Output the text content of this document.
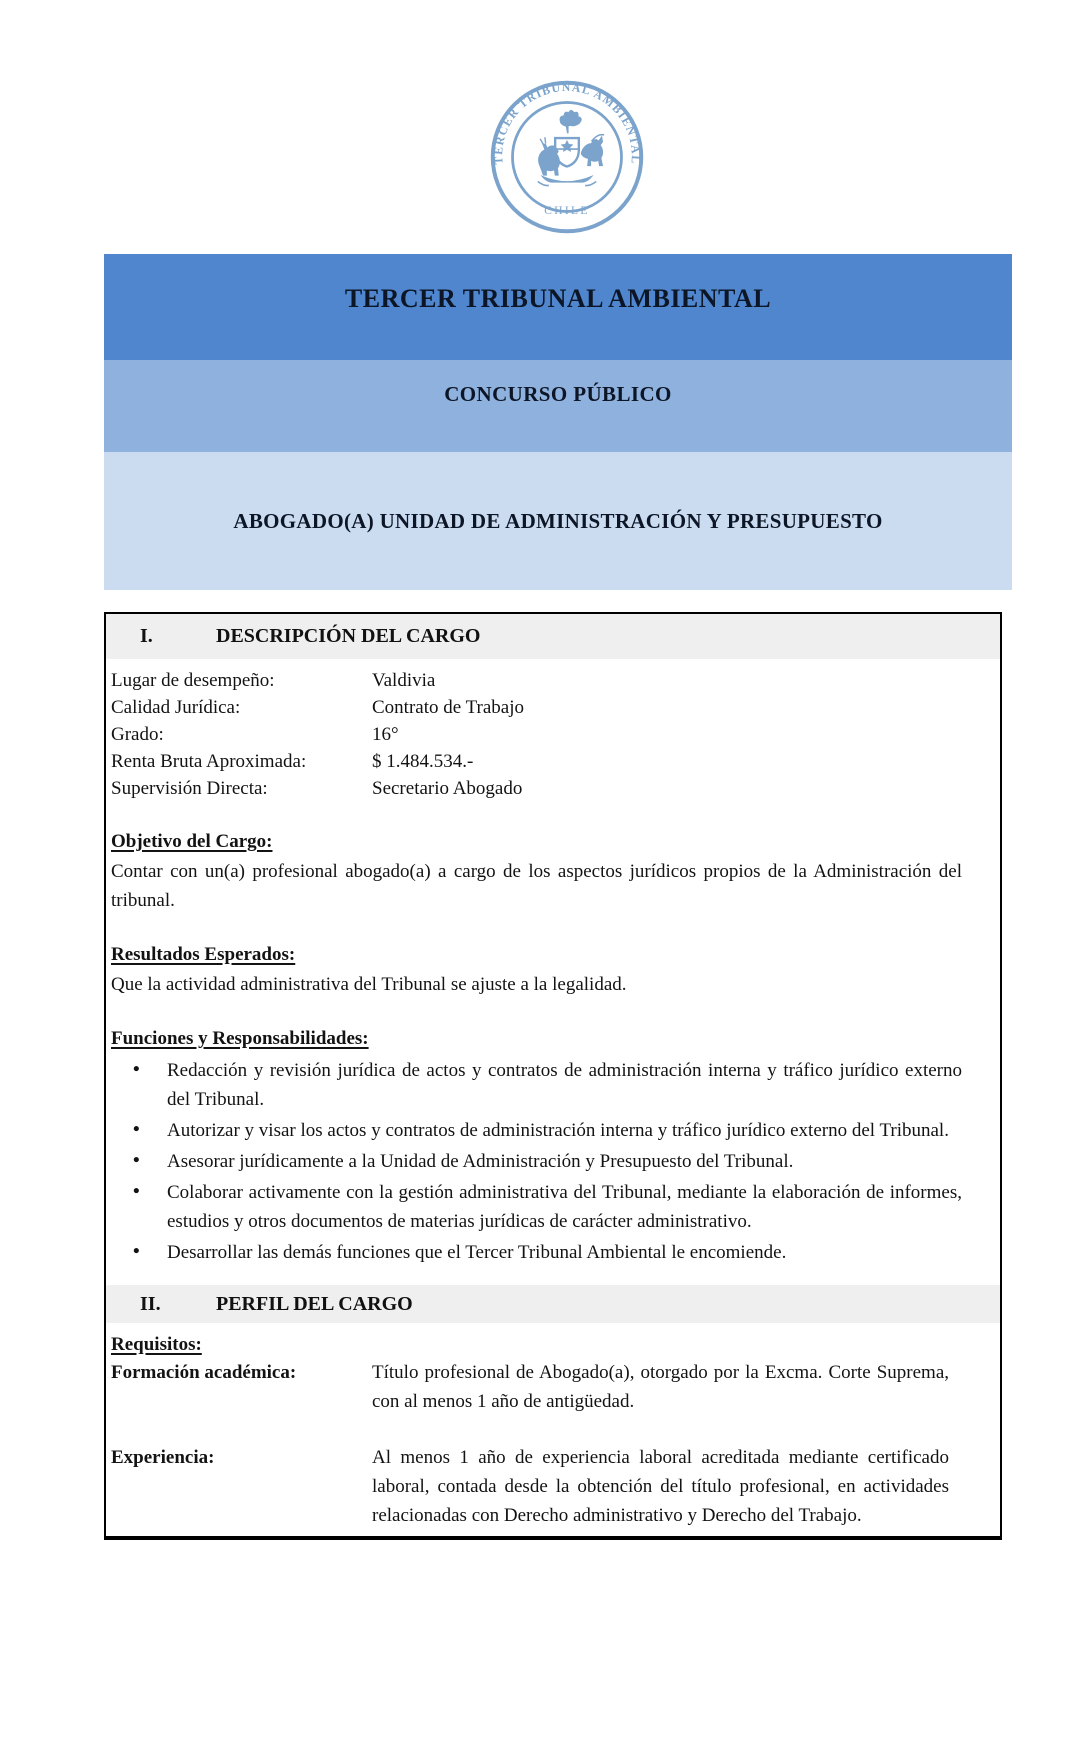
TERCER TRIBUNAL AMBIENTAL
CHILE
TERCER TRIBUNAL AMBIENTAL
CONCURSO PÚBLICO
ABOGADO(A) UNIDAD DE ADMINISTRACIÓN Y PRESUPUESTO
I.	DESCRIPCIÓN DEL CARGO
Lugar de desempeño:	Valdivia
Calidad Jurídica:	Contrato de Trabajo
Grado:	16°
Renta Bruta Aproximada:	$ 1.484.534.-
Supervisión Directa:	Secretario Abogado
Objetivo del Cargo:

Contar con un(a) profesional abogado(a) a cargo de los aspectos jurídicos propios de la Administración del tribunal.

Resultados Esperados:

Que la actividad administrativa del Tribunal se ajuste a la legalidad.

Funciones y Responsabilidades:
• Redacción y revisión jurídica de actos y contratos de administración interna y tráfico jurídico externo del Tribunal.
• Autorizar y visar los actos y contratos de administración interna y tráfico jurídico externo del Tribunal.
• Asesorar jurídicamente a la Unidad de Administración y Presupuesto del Tribunal.
• Colaborar activamente con la gestión administrativa del Tribunal, mediante la elaboración de informes, estudios y otros documentos de materias jurídicas de carácter administrativo.
• Desarrollar las demás funciones que el Tercer Tribunal Ambiental le encomiende.
II.	PERFIL DEL CARGO
Requisitos:
Formación académica:	Título profesional de Abogado(a), otorgado por la Excma. Corte Suprema, con al menos 1 año de antigüedad.
Experiencia:	Al menos 1 año de experiencia laboral acreditada mediante certificado laboral, contada desde la obtención del título profesional, en actividades relacionadas con Derecho administrativo y Derecho del Trabajo.
